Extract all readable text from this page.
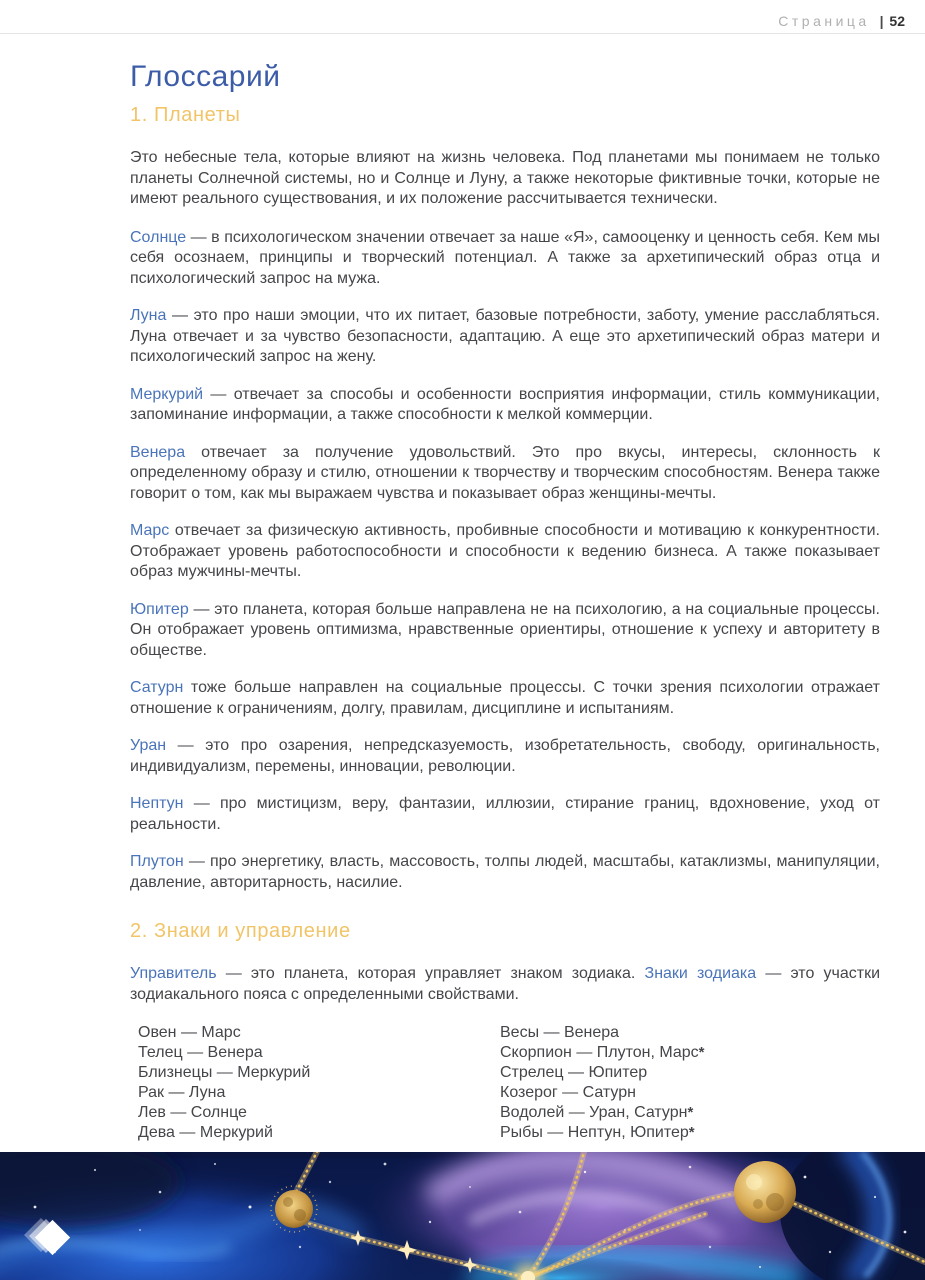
Страница | 52
Глоссарий
1. Планеты

Это небесные тела, которые влияют на жизнь человека. Под планетами мы понимаем не только планеты Солнечной системы, но и Солнце и Луну, а также некоторые фиктивные точки, которые не имеют реального существования, и их положение рассчитывается технически.

Солнце — в психологическом значении отвечает за наше «Я», самооценку и ценность себя. Кем мы себя осознаем, принципы и творческий потенциал. А также за архетипический образ отца и психологический запрос на мужа.

Луна — это про наши эмоции, что их питает, базовые потребности, заботу, умение расслабляться. Луна отвечает и за чувство безопасности, адаптацию. А еще это архетипический образ матери и психологический запрос на жену.

Меркурий — отвечает за способы и особенности восприятия информации, стиль коммуникации, запоминание информации, а также способности к мелкой коммерции.

Венера отвечает за получение удовольствий. Это про вкусы, интересы, склонность к определенному образу и стилю, отношении к творчеству и творческим способностям. Венера также говорит о том, как мы выражаем чувства и показывает образ женщины-мечты.

Марс отвечает за физическую активность, пробивные способности и мотивацию к конкурентности. Отображает уровень работоспособности и способности к ведению бизнеса. А также показывает образ мужчины-мечты.

Юпитер — это планета, которая больше направлена не на психологию, а на социальные процессы. Он отображает уровень оптимизма, нравственные ориентиры, отношение к успеху и авторитету в обществе.

Сатурн тоже больше направлен на социальные процессы. С точки зрения психологии отражает отношение к ограничениям, долгу, правилам, дисциплине и испытаниям.

Уран — это про озарения, непредсказуемость, изобретательность, свободу, оригинальность, индивидуализм, перемены, инновации, революции.

Нептун — про мистицизм, веру, фантазии, иллюзии, стирание границ, вдохновение, уход от реальности.

Плутон — про энергетику, власть, массовость, толпы людей, масштабы, катаклизмы, манипуляции, давление, авторитарность, насилие.

2. Знаки и управление

Управитель — это планета, которая управляет знаком зодиака. Знаки зодиака — это участки зодиакального пояса с определенными свойствами.

Овен — Марс
Телец — Венера
Близнецы — Меркурий
Рак — Луна
Лев — Солнце
Дева — Меркурий
Весы — Венера
Скорпион — Плутон, Марс*
Стрелец — Юпитер
Козерог — Сатурн
Водолей — Уран, Сатурн*
Рыбы — Нептун, Юпитер*
